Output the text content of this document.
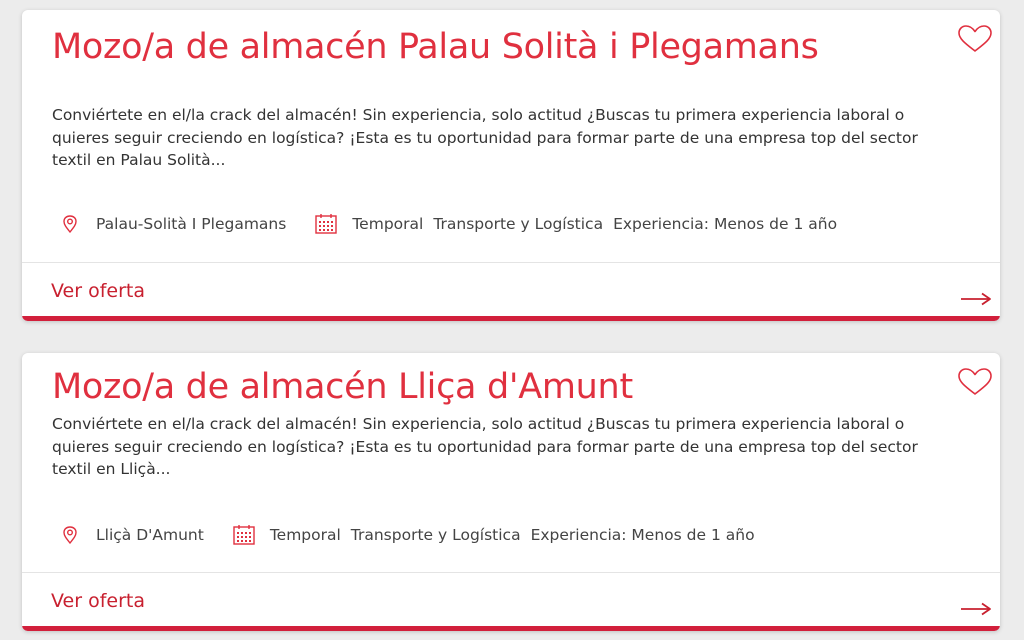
Mozo/a de almacén Palau Solità i Plegamans

Conviértete en el/la crack del almacén! Sin experiencia, solo actitud ¿Buscas tu primera experiencia laboral o quieres seguir creciendo en logística? ¡Esta es tu oportunidad para formar parte de una empresa top del sector textil en Palau Solità...

Palau-Solità I Plegamans	Temporal Transporte y Logística Experiencia: Menos de 1 año
Ver oferta
Mozo/a de almacén Lliça d'Amunt

Conviértete en el/la crack del almacén! Sin experiencia, solo actitud ¿Buscas tu primera experiencia laboral o quieres seguir creciendo en logística? ¡Esta es tu oportunidad para formar parte de una empresa top del sector textil en Lliçà...

Lliçà D'Amunt	Temporal Transporte y Logística Experiencia: Menos de 1 año
Ver oferta
